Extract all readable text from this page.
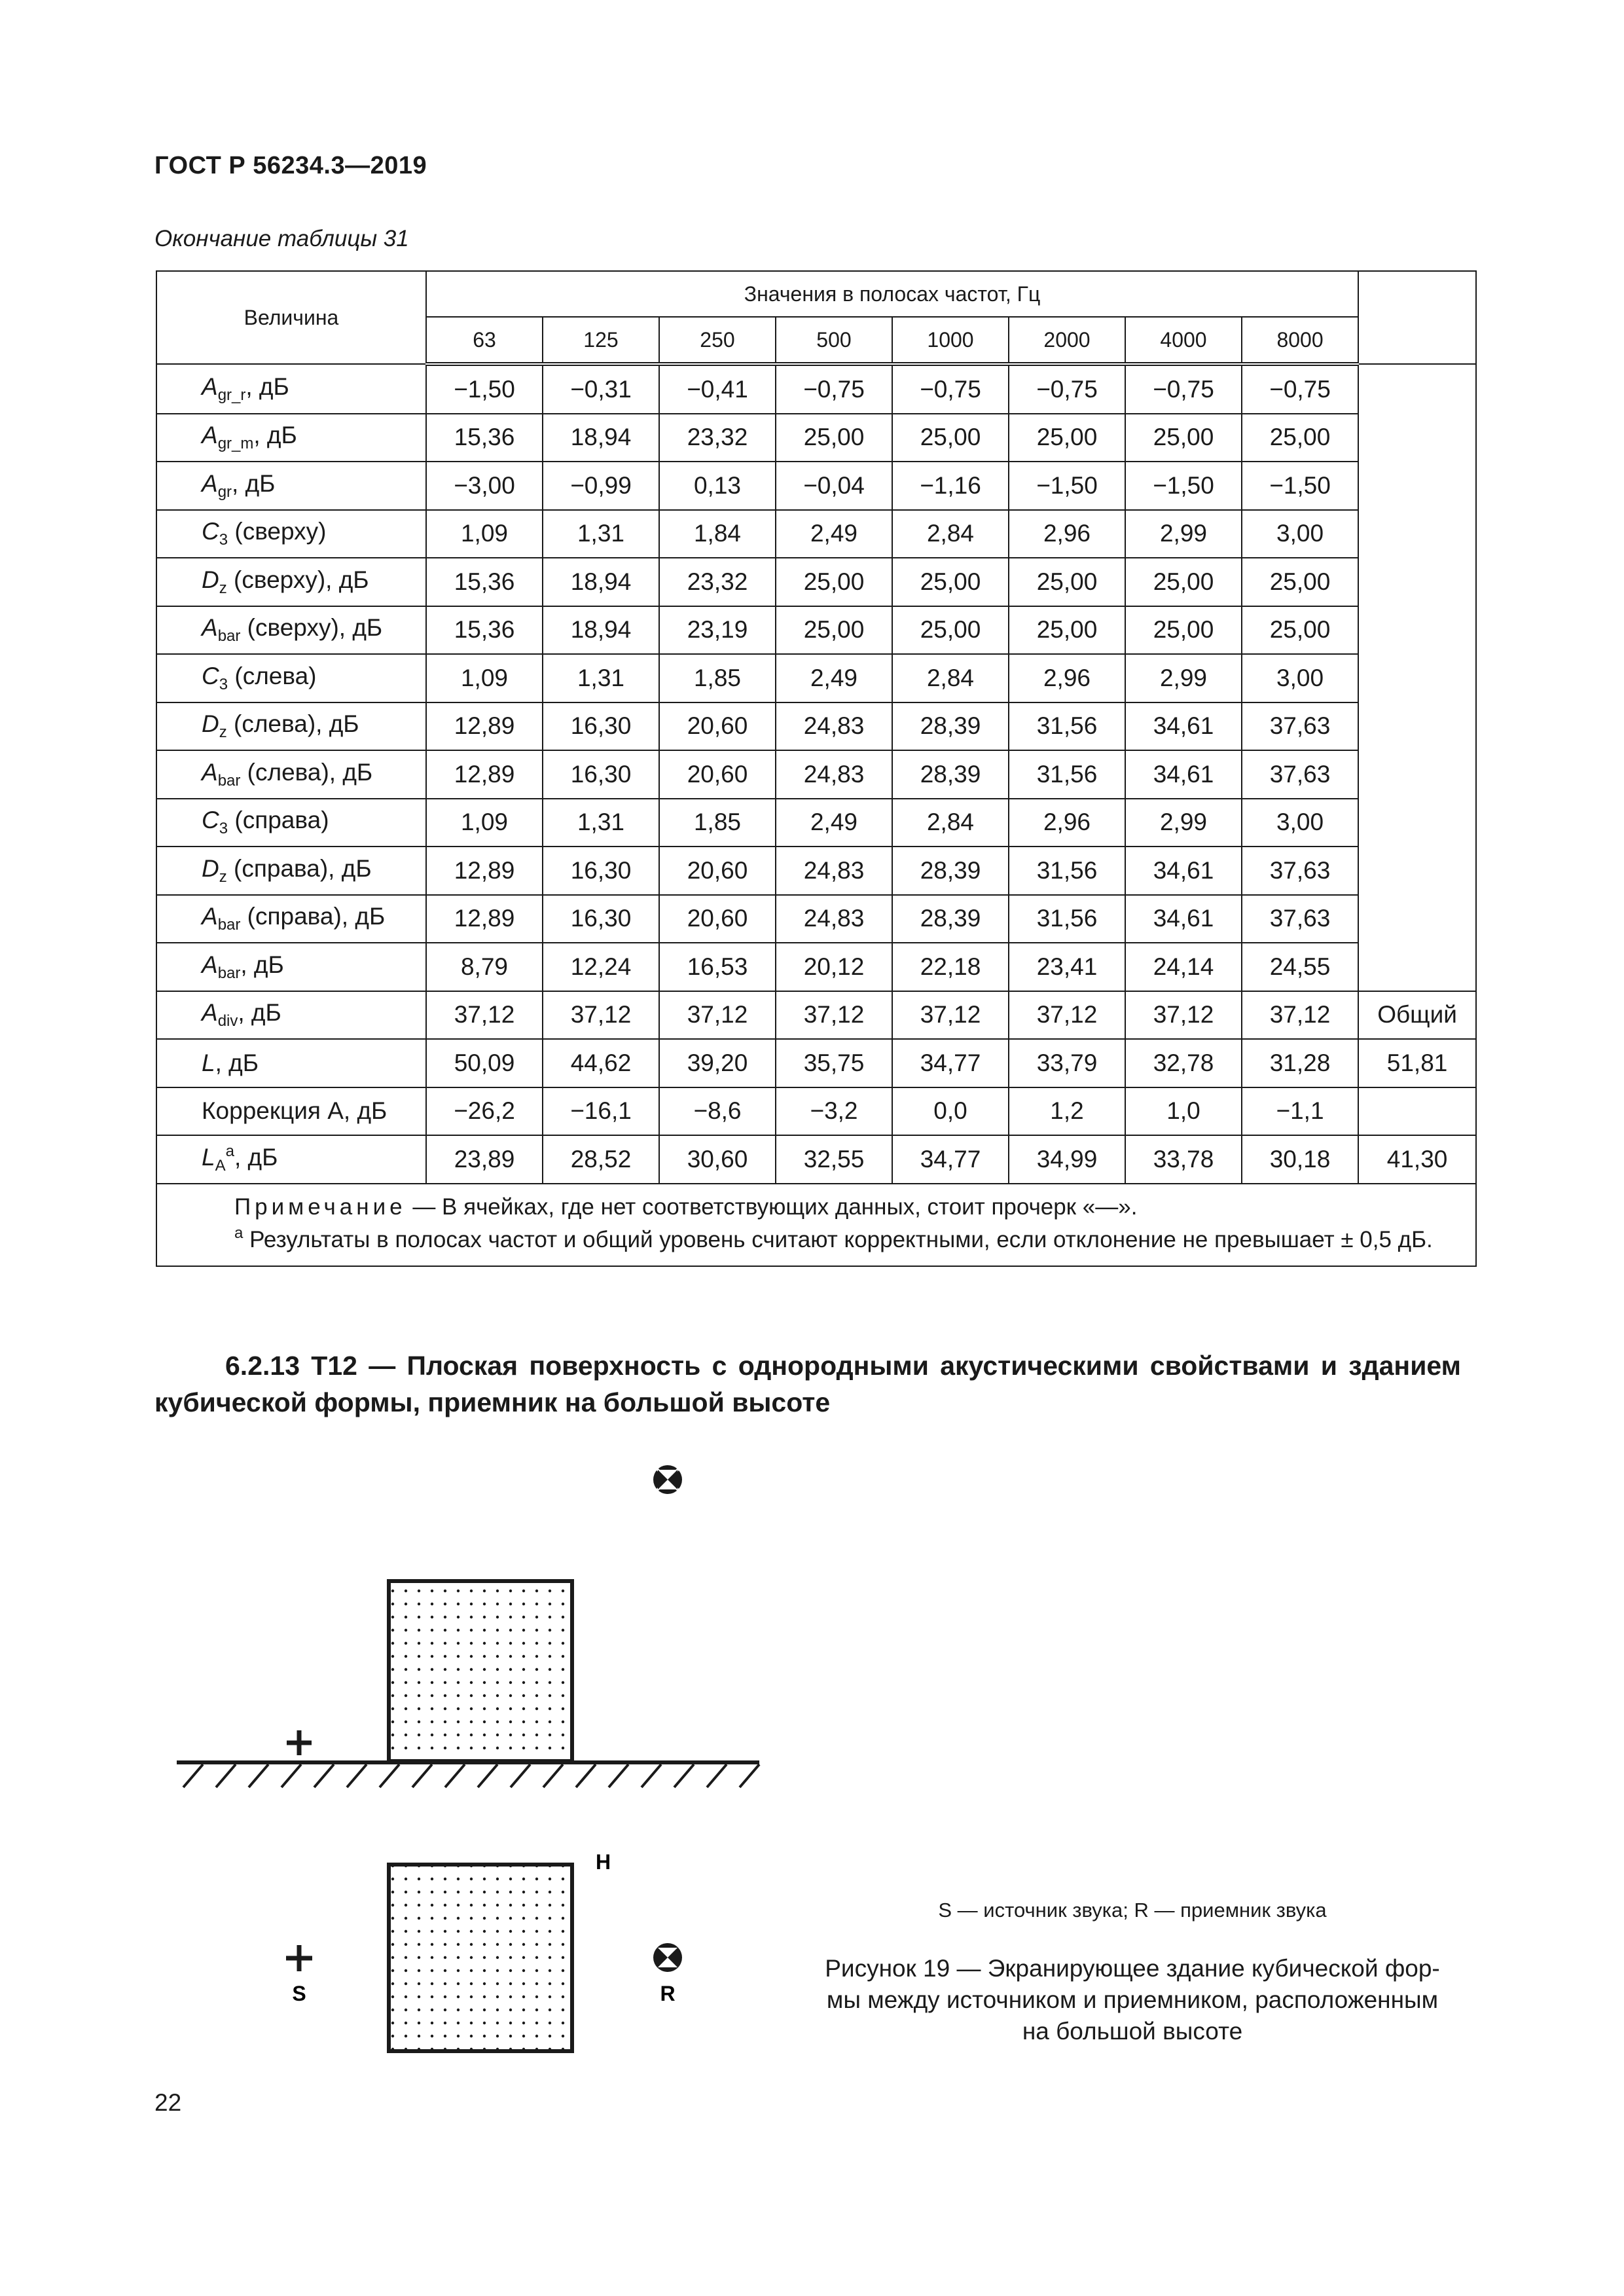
ГОСТ Р 56234.3—2019
Окончание таблицы 31
Величина	Значения в полосах частот, Гц								
	63	125	250	500	1000	2000	4000	8000	
$A_{gr\_r}$, дБ	−1,50	−0,31	−0,41	−0,75	−0,75	−0,75	−0,75	−0,75	
$A_{gr\_m}$, дБ	15,36	18,94	23,32	25,00	25,00	25,00	25,00	25,00	
$A_{gr}$, дБ	−3,00	−0,99	0,13	−0,04	−1,16	−1,50	−1,50	−1,50	
$C_3$ (сверху)	1,09	1,31	1,84	2,49	2,84	2,96	2,99	3,00	
$D_z$ (сверху), дБ	15,36	18,94	23,32	25,00	25,00	25,00	25,00	25,00	
$A_{bar}$ (сверху), дБ	15,36	18,94	23,19	25,00	25,00	25,00	25,00	25,00	
$C_3$ (слева)	1,09	1,31	1,85	2,49	2,84	2,96	2,99	3,00	
$D_z$ (слева), дБ	12,89	16,30	20,60	24,83	28,39	31,56	34,61	37,63	
$A_{bar}$ (слева), дБ	12,89	16,30	20,60	24,83	28,39	31,56	34,61	37,63	
$C_3$ (справа)	1,09	1,31	1,85	2,49	2,84	2,96	2,99	3,00	
$D_z$ (справа), дБ	12,89	16,30	20,60	24,83	28,39	31,56	34,61	37,63	
$A_{bar}$ (справа), дБ	12,89	16,30	20,60	24,83	28,39	31,56	34,61	37,63	
$A_{bar}$, дБ	8,79	12,24	16,53	20,12	22,18	23,41	24,14	24,55	
$A_{div}$, дБ	37,12	37,12	37,12	37,12	37,12	37,12	37,12	37,12	Общий
L, дБ	50,09	44,62	39,20	35,75	34,77	33,79	32,78	31,28	51,81
Коррекция А, дБ	−26,2	−16,1	−8,6	−3,2	0,0	1,2	1,0	−1,1	
$L_A^a$, дБ	23,89	28,52	30,60	32,55	34,77	34,99	33,78	30,18	41,30

Примечание — В ячейках, где нет соответствующих данных, стоит прочерк «—».
$^а$ Результаты в полосах частот и общий уровень считают корректными, если отклонение не превышает ± 0,5 дБ.									
6.2.13 Т12 — Плоская поверхность с однородными акустическими свойствами и зданием кубической формы, приемник на большой высоте
H
S	R
S — источник звука; R — приемник звука
Рисунок 19 — Экранирующее здание кубической фор-
мы между источником и приемником, расположенным
на большой высоте
22
